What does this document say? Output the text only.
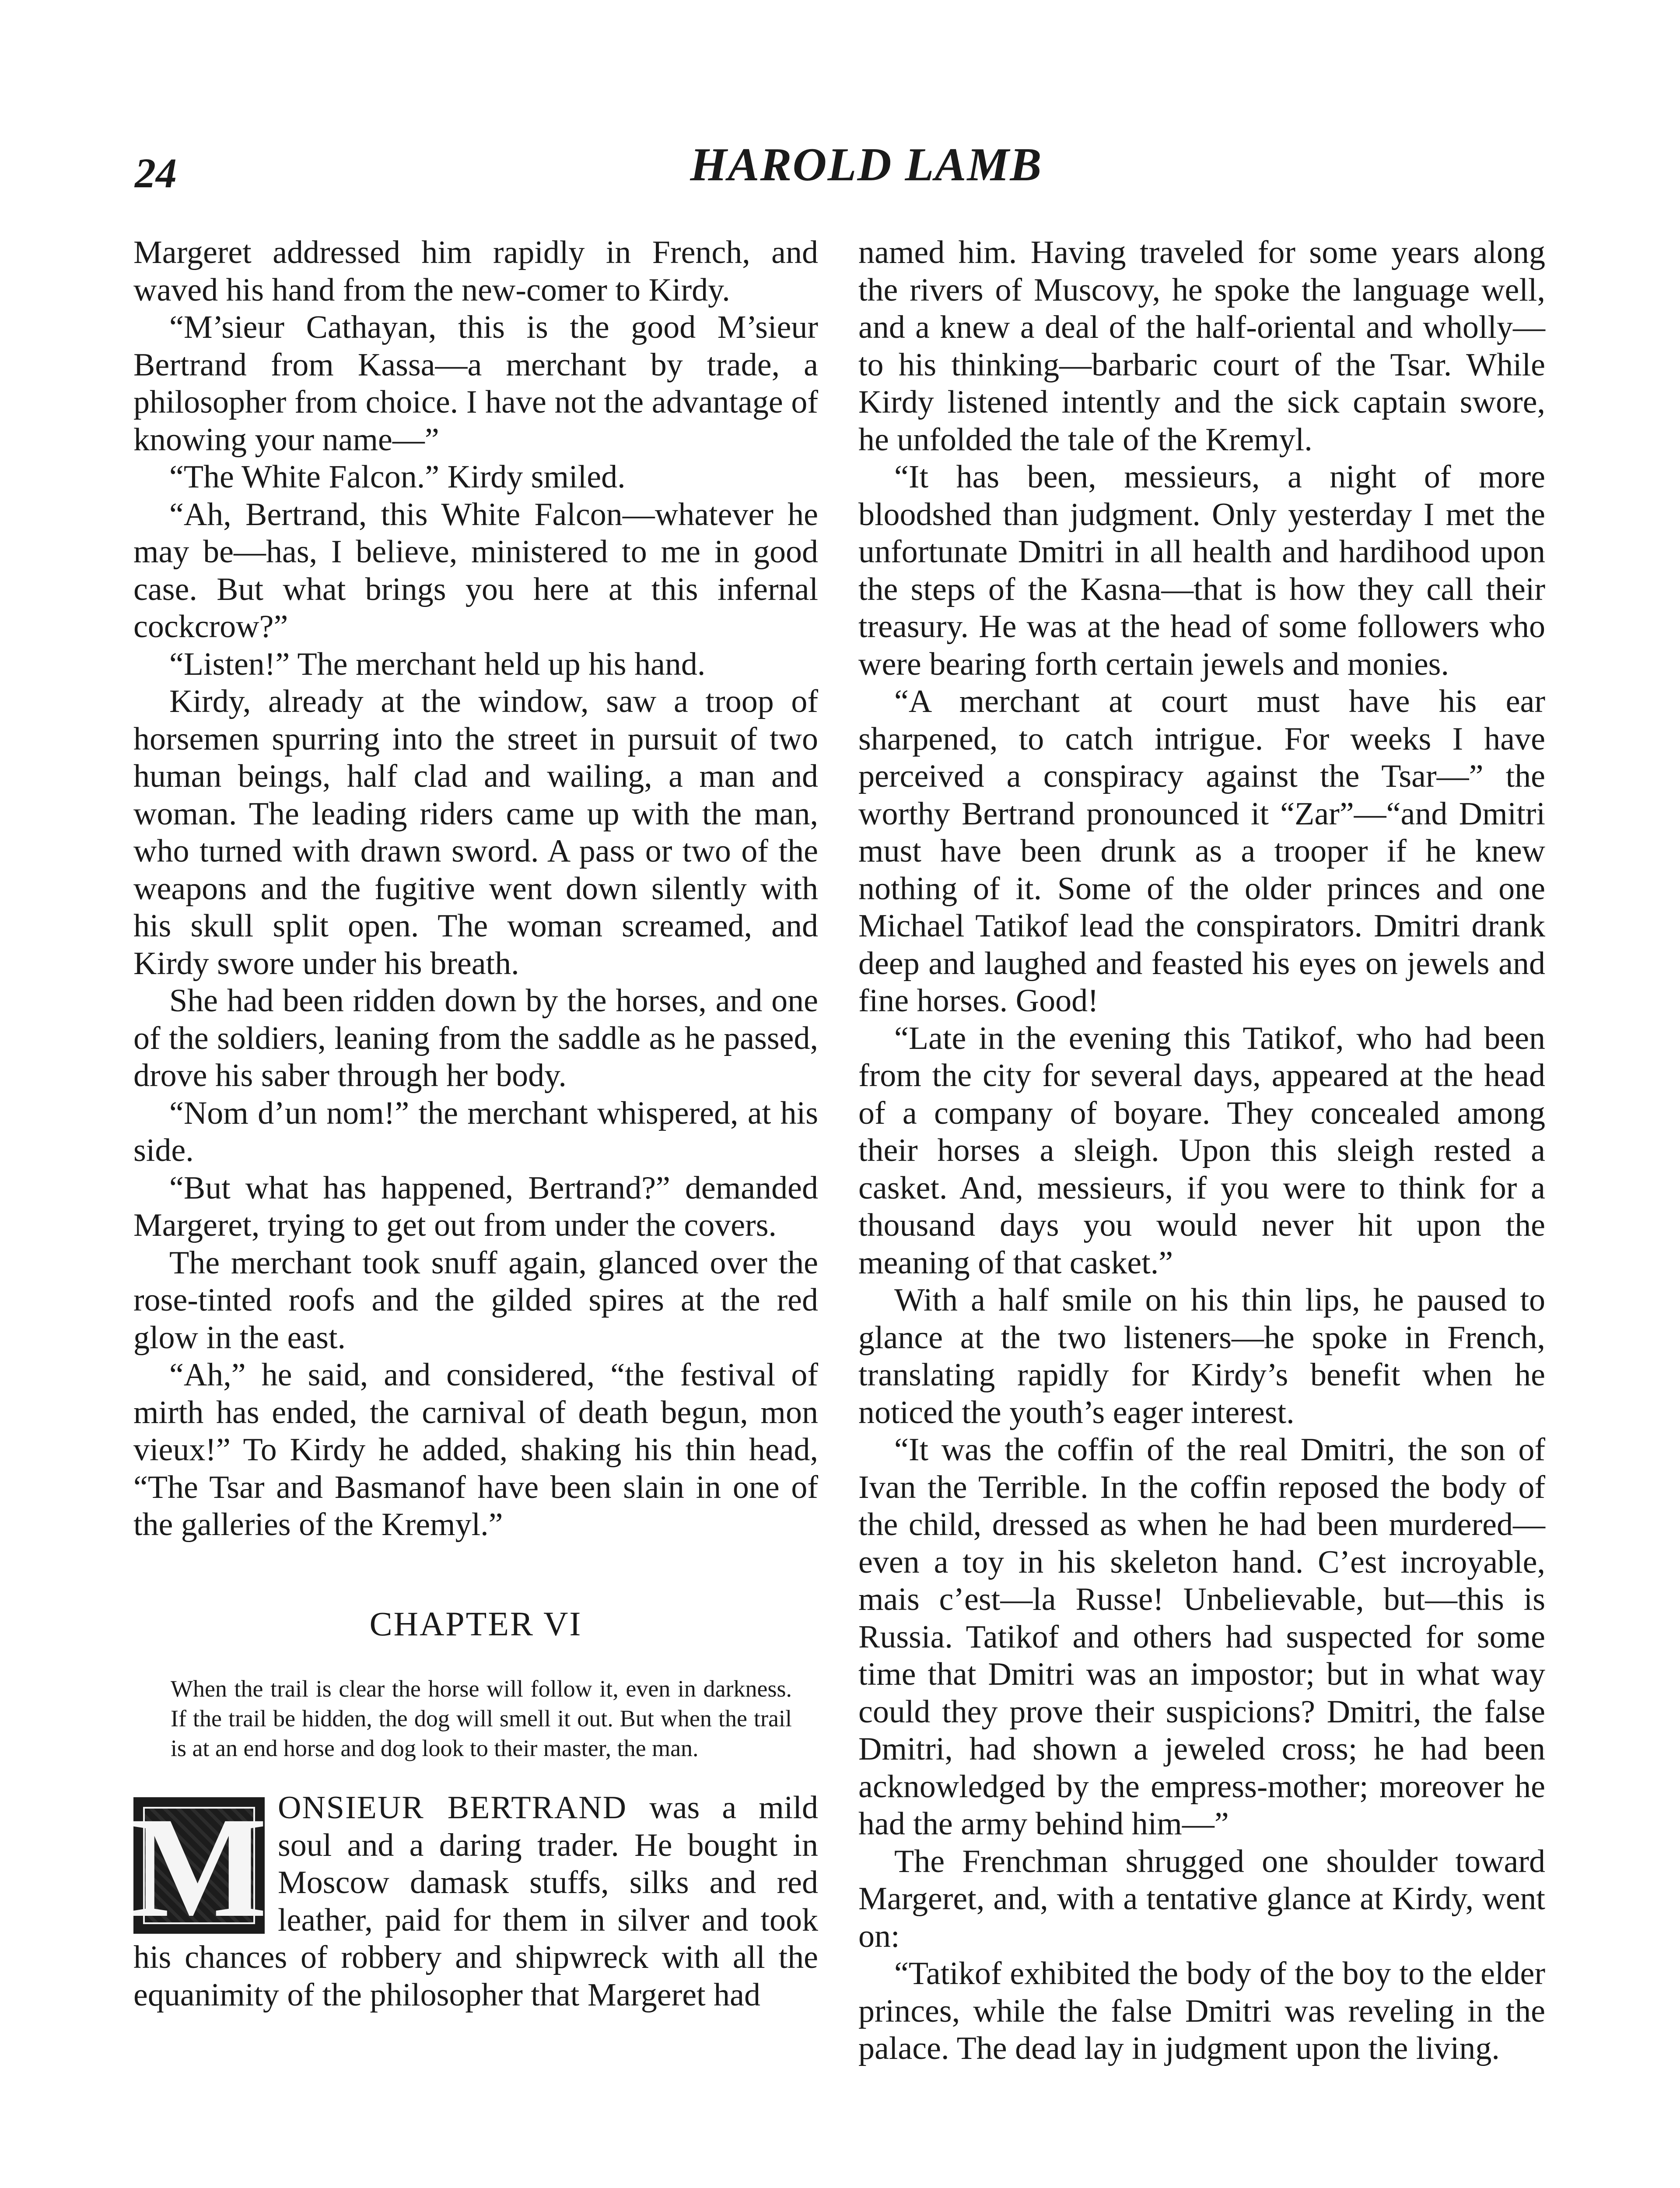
24	HAROLD LAMB

Margeret addressed him rapidly in French, and waved his hand from the new-comer to Kirdy.

“M’sieur Cathayan, this is the good M’sieur Bertrand from Kassa—a merchant by trade, a philosopher from choice. I have not the advantage of knowing your name—”

“The White Falcon.” Kirdy smiled.

“Ah, Bertrand, this White Falcon—whatever he may be—has, I believe, ministered to me in good case. But what brings you here at this infernal cockcrow?”

“Listen!” The merchant held up his hand.

Kirdy, already at the window, saw a troop of horsemen spurring into the street in pursuit of two human beings, half clad and wailing, a man and woman. The leading riders came up with the man, who turned with drawn sword. A pass or two of the weapons and the fugitive went down silently with his skull split open. The woman screamed, and Kirdy swore under his breath.

She had been ridden down by the horses, and one of the soldiers, leaning from the saddle as he passed, drove his saber through her body.

“Nom d’un nom!” the merchant whispered, at his side.

“But what has happened, Bertrand?” demanded Margeret, trying to get out from under the covers.

The merchant took snuff again, glanced over the rose-tinted roofs and the gilded spires at the red glow in the east.

“Ah,” he said, and considered, “the festival of mirth has ended, the carnival of death begun, mon vieux!” To Kirdy he added, shaking his thin head, “The Tsar and Basmanof have been slain in one of the galleries of the Kremyl.”

CHAPTER VI
When the trail is clear the horse will follow it, even in darkness. If the trail be hidden, the dog will smell it out. But when the trail is at an end horse and dog look to their master, the man.

M ONSIEUR BERTRAND was a mild soul and a daring trader. He bought in Moscow damask stuffs, silks and red leather, paid for them in silver and took his chances of robbery and shipwreck with all the equanimity of the philosopher that Margeret had

named him. Having traveled for some years along the rivers of Muscovy, he spoke the language well, and a knew a deal of the half-oriental and wholly—to his thinking—barbaric court of the Tsar. While Kirdy listened intently and the sick captain swore, he unfolded the tale of the Kremyl.

“It has been, messieurs, a night of more bloodshed than judgment. Only yesterday I met the unfortunate Dmitri in all health and hardihood upon the steps of the Kasna—that is how they call their treasury. He was at the head of some followers who were bearing forth certain jewels and monies.

“A merchant at court must have his ear sharpened, to catch intrigue. For weeks I have perceived a conspiracy against the Tsar—” the worthy Bertrand pronounced it “Zar”—“and Dmitri must have been drunk as a trooper if he knew nothing of it. Some of the older princes and one Michael Tatikof lead the conspirators. Dmitri drank deep and laughed and feasted his eyes on jewels and fine horses. Good!

“Late in the evening this Tatikof, who had been from the city for several days, appeared at the head of a company of boyare. They concealed among their horses a sleigh. Upon this sleigh rested a casket. And, messieurs, if you were to think for a thousand days you would never hit upon the meaning of that casket.”

With a half smile on his thin lips, he paused to glance at the two listeners—he spoke in French, translating rapidly for Kirdy’s benefit when he noticed the youth’s eager interest.

“It was the coffin of the real Dmitri, the son of Ivan the Terrible. In the coffin reposed the body of the child, dressed as when he had been murdered—even a toy in his skeleton hand. C’est incroyable, mais c’est—la Russe! Unbelievable, but—this is Russia. Tatikof and others had suspected for some time that Dmitri was an impostor; but in what way could they prove their suspicions? Dmitri, the false Dmitri, had shown a jeweled cross; he had been acknowledged by the empress-mother; moreover he had the army behind him—”

The Frenchman shrugged one shoulder toward Margeret, and, with a tentative glance at Kirdy, went on:

“Tatikof exhibited the body of the boy to the elder princes, while the false Dmitri was reveling in the palace. The dead lay in judgment upon the living.
